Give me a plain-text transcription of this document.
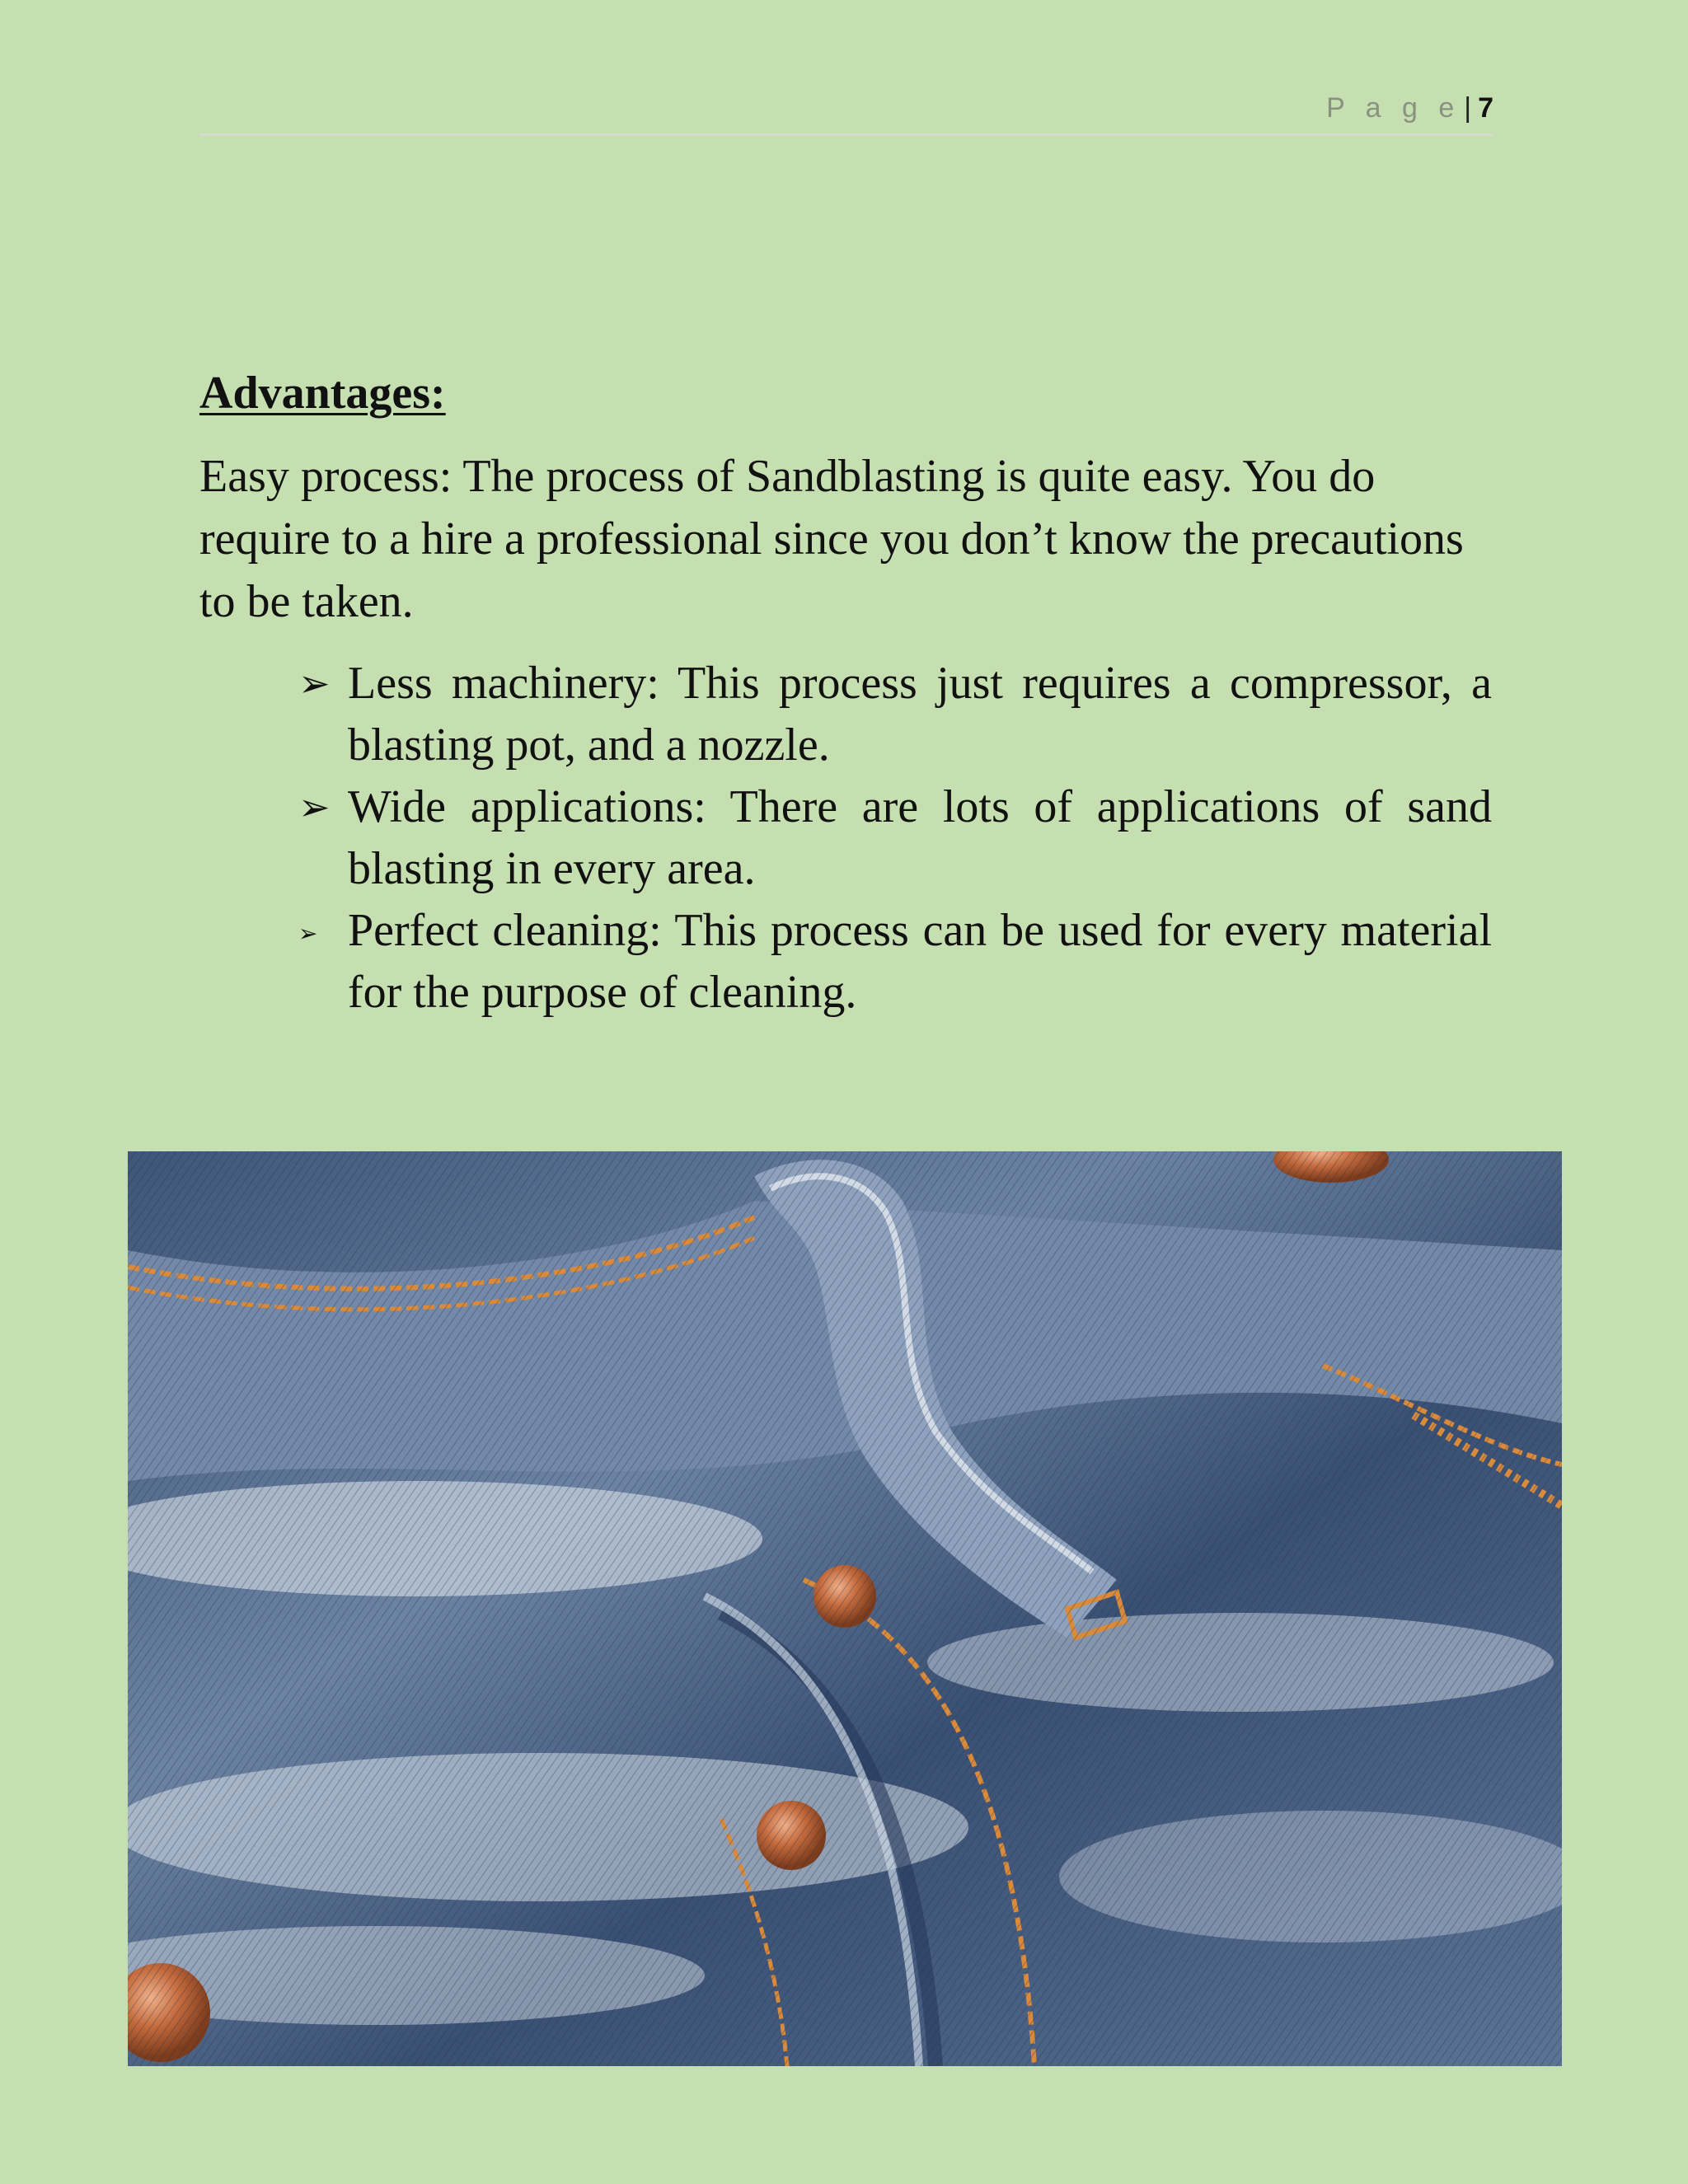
P a g e | 7
Advantages:

Easy process: The process of Sandblasting is quite easy. You do require to a hire a professional since you don’t know the precautions to be taken.

➢ Less machinery: This process just requires a compressor, a blasting pot, and a nozzle.
➢ Wide applications: There are lots of applications of sand blasting in every area.
➢ Perfect cleaning: This process can be used for every material for the purpose of cleaning.
